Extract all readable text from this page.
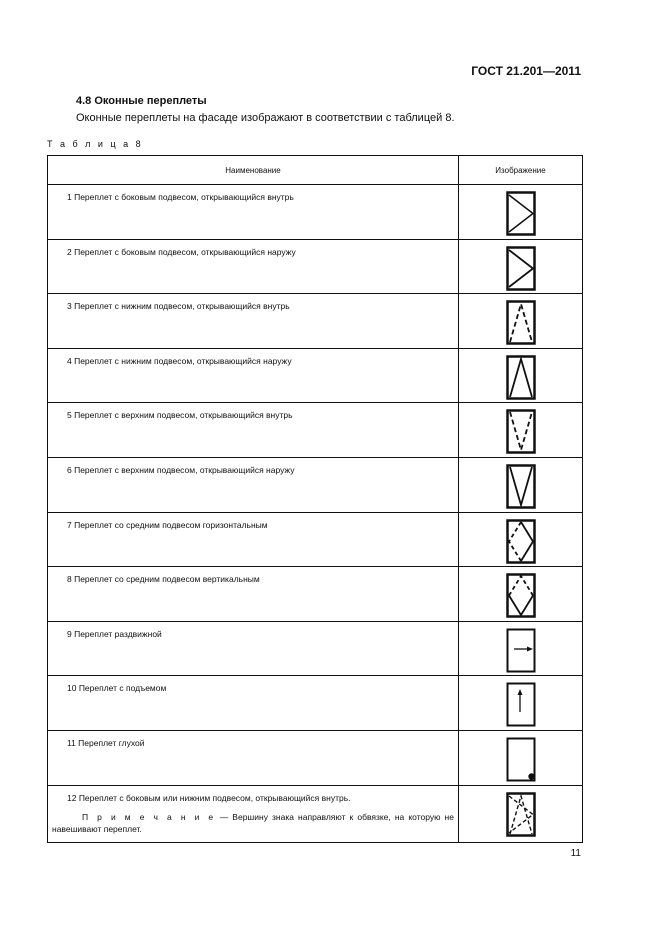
ГОСТ 21.201—2011
4.8 Оконные переплеты
Оконные переплеты на фасаде изображают в соответствии с таблицей 8.
Т а б л и ц а 8
Наименование	Изображение
1 Переплет с боковым подвесом, открывающийся внутрь
2 Переплет с боковым подвесом, открывающийся наружу
3 Переплет с нижним подвесом, открывающийся внутрь
4 Переплет с нижним подвесом, открывающийся наружу
5 Переплет с верхним подвесом, открывающийся внутрь
6 Переплет с верхним подвесом, открывающийся наружу
7 Переплет со средним подвесом горизонтальным
8 Переплет со средним подвесом вертикальным
9 Переплет раздвижной
10 Переплет с подъемом
11 Переплет глухой
12 Переплет с боковым или нижним подвесом, открывающийся внутрь.
П р и м е ч а н и е — Вершину знака направляют к обвязке, на которую не навешивают переплет.
11
